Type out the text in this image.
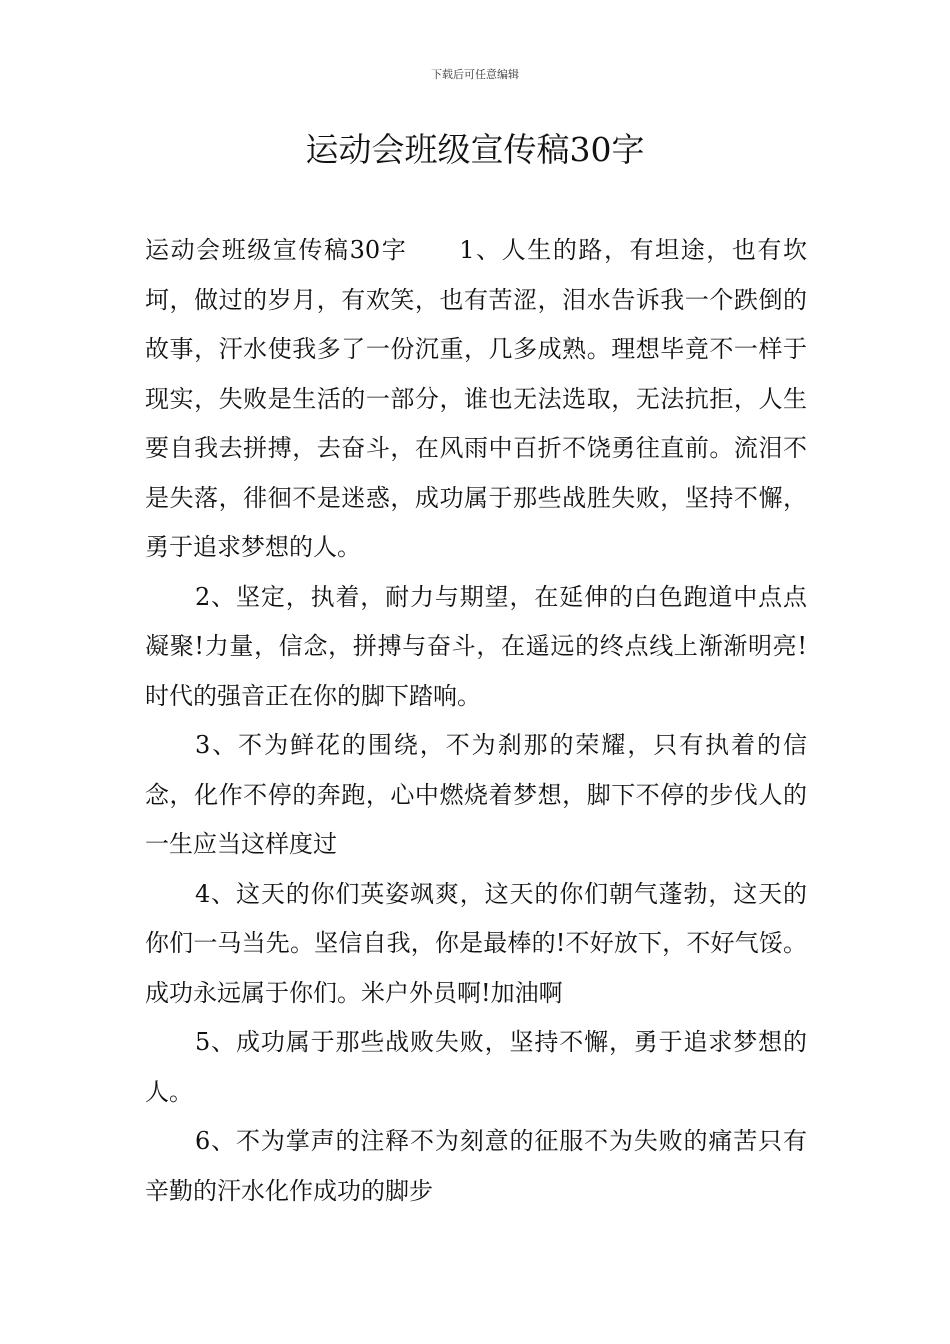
下载后可任意编辑
运动会班级宣传稿30字

运动会班级宣传稿30字 1、人生的路，有坦途，也有坎坷，做过的岁月，有欢笑，也有苦涩，泪水告诉我一个跌倒的故事，汗水使我多了一份沉重，几多成熟。理想毕竟不一样于现实，失败是生活的一部分，谁也无法选取，无法抗拒，人生要自我去拼搏，去奋斗，在风雨中百折不饶勇往直前。流泪不是失落，徘徊不是迷惑，成功属于那些战胜失败，坚持不懈，勇于追求梦想的人。

2、坚定，执着，耐力与期望，在延伸的白色跑道中点点凝聚!力量，信念，拼搏与奋斗，在遥远的终点线上渐渐明亮!时代的强音正在你的脚下踏响。

3、不为鲜花的围绕，不为刹那的荣耀，只有执着的信念，化作不停的奔跑，心中燃烧着梦想，脚下不停的步伐人的一生应当这样度过

4、这天的你们英姿飒爽，这天的你们朝气蓬勃，这天的你们一马当先。坚信自我，你是最棒的!不好放下，不好气馁。成功永远属于你们。米户外员啊!加油啊

5、成功属于那些战败失败，坚持不懈，勇于追求梦想的人。

6、不为掌声的注释不为刻意的征服不为失败的痛苦只有辛勤的汗水化作成功的脚步
